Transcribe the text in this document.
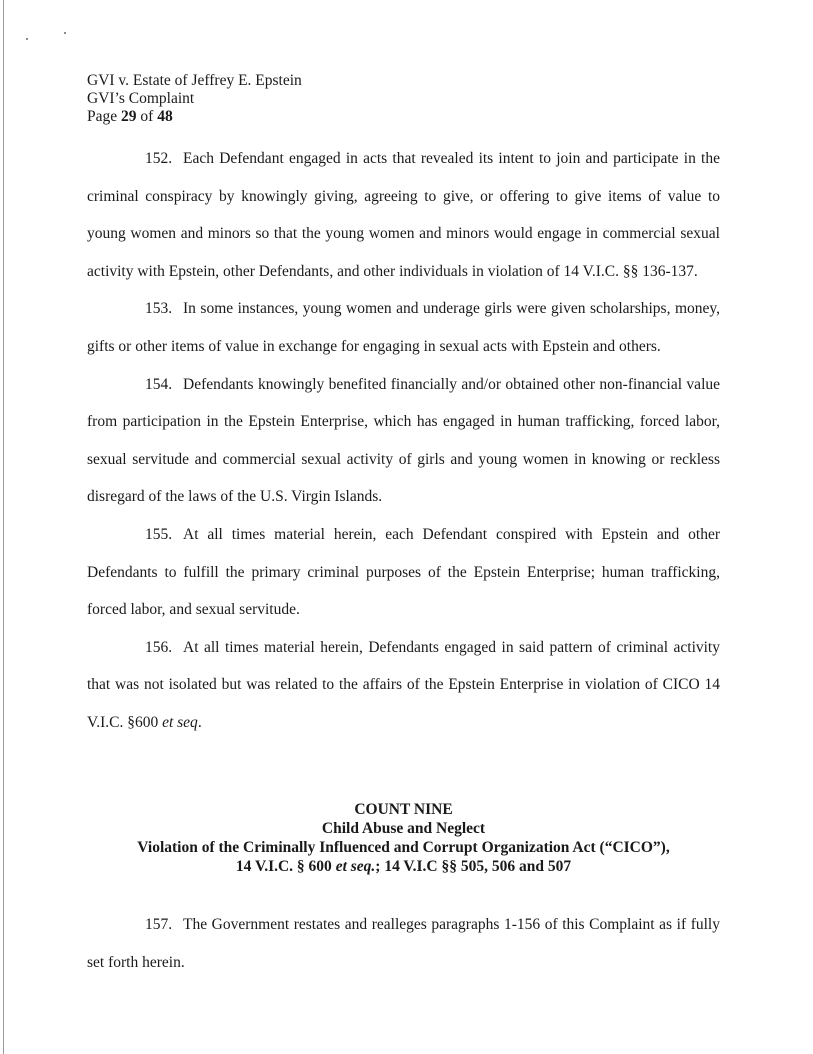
GVI v. Estate of Jeffrey E. Epstein
GVI’s Complaint
Page 29 of 48

152. Each Defendant engaged in acts that revealed its intent to join and participate in the criminal conspiracy by knowingly giving, agreeing to give, or offering to give items of value to young women and minors so that the young women and minors would engage in commercial sexual activity with Epstein, other Defendants, and other individuals in violation of 14 V.I.C. §§ 136-137.

153. In some instances, young women and underage girls were given scholarships, money, gifts or other items of value in exchange for engaging in sexual acts with Epstein and others.

154. Defendants knowingly benefited financially and/or obtained other non-financial value from participation in the Epstein Enterprise, which has engaged in human trafficking, forced labor, sexual servitude and commercial sexual activity of girls and young women in knowing or reckless disregard of the laws of the U.S. Virgin Islands.

155. At all times material herein, each Defendant conspired with Epstein and other Defendants to fulfill the primary criminal purposes of the Epstein Enterprise; human trafficking, forced labor, and sexual servitude.

156. At all times material herein, Defendants engaged in said pattern of criminal activity that was not isolated but was related to the affairs of the Epstein Enterprise in violation of CICO 14 V.I.C. §600 et seq.

COUNT NINE
Child Abuse and Neglect
Violation of the Criminally Influenced and Corrupt Organization Act (“CICO”),
14 V.I.C. § 600 et seq.; 14 V.I.C §§ 505, 506 and 507

157. The Government restates and realleges paragraphs 1-156 of this Complaint as if fully set forth herein.
